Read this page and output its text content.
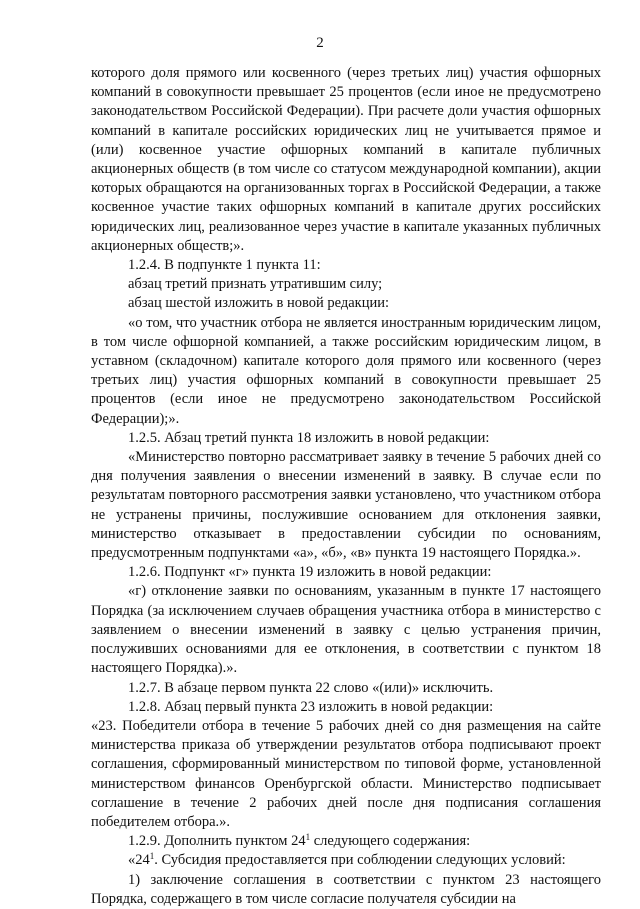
2

которого доля прямого или косвенного (через третьих лиц) участия офшорных компаний в совокупности превышает 25 процентов (если иное не предусмотрено законодательством Российской Федерации). При расчете доли участия офшорных компаний в капитале российских юридических лиц не учитывается прямое и (или) косвенное участие офшорных компаний в капитале публичных акционерных обществ (в том числе со статусом международной компании), акции которых обращаются на организованных торгах в Российской Федерации, а также косвенное участие таких офшорных компаний в капитале других российских юридических лиц, реализованное через участие в капитале указанных публичных акционерных обществ;».

1.2.4. В подпункте 1 пункта 11:

абзац третий признать утратившим силу;

абзац шестой изложить в новой редакции:

«о том, что участник отбора не является иностранным юридическим лицом, в том числе офшорной компанией, а также российским юридическим лицом, в уставном (складочном) капитале которого доля прямого или косвенного (через третьих лиц) участия офшорных компаний в совокупности превышает 25 процентов (если иное не предусмотрено законодательством Российской Федерации);».

1.2.5. Абзац третий пункта 18 изложить в новой редакции:

«Министерство повторно рассматривает заявку в течение 5 рабочих дней со дня получения заявления о внесении изменений в заявку. В случае если по результатам повторного рассмотрения заявки установлено, что участником отбора не устранены причины, послужившие основанием для отклонения заявки, министерство отказывает в предоставлении субсидии по основаниям, предусмотренным подпунктами «а», «б», «в» пункта 19 настоящего Порядка.».

1.2.6. Подпункт «г» пункта 19 изложить в новой редакции:

«г) отклонение заявки по основаниям, указанным в пункте 17 настоящего Порядка (за исключением случаев обращения участника отбора в министерство с заявлением о внесении изменений в заявку с целью устранения причин, послуживших основаниями для ее отклонения, в соответствии с пунктом 18 настоящего Порядка).».

1.2.7. В абзаце первом пункта 22 слово «(или)» исключить.

1.2.8. Абзац первый пункта 23 изложить в новой редакции:

«23. Победители отбора в течение 5 рабочих дней со дня размещения на сайте министерства приказа об утверждении результатов отбора подписывают проект соглашения, сформированный министерством по типовой форме, установленной министерством финансов Оренбургской области. Министерство подписывает соглашение в течение 2 рабочих дней после дня подписания соглашения победителем отбора.».

1.2.9. Дополнить пунктом $24^1$ следующего содержания:

«$24^1$. Субсидия предоставляется при соблюдении следующих условий:

1) заключение соглашения в соответствии с пунктом 23 настоящего Порядка, содержащего в том числе согласие получателя субсидии на
